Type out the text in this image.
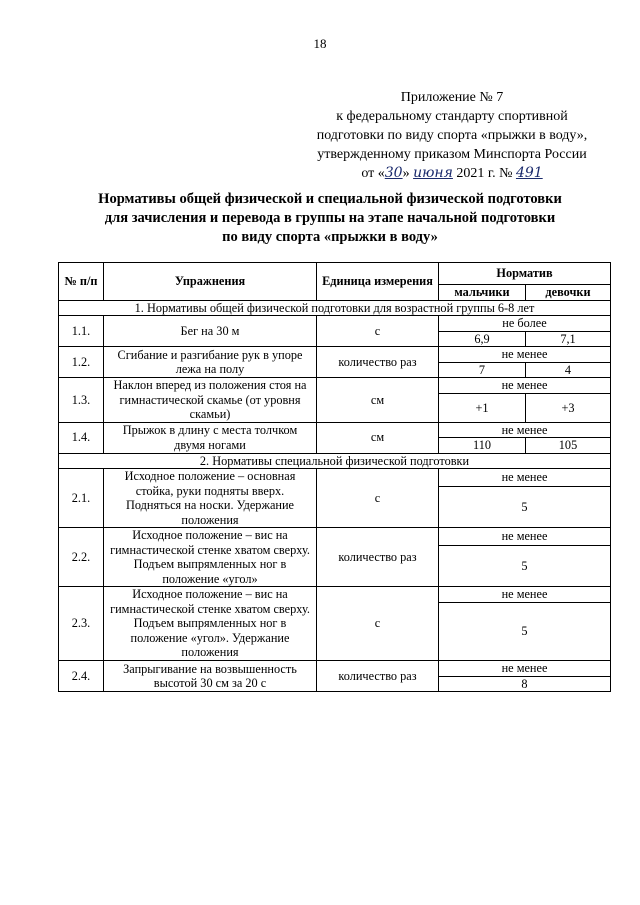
18
Приложение № 7
к федеральному стандарту спортивной
подготовки по виду спорта «прыжки в воду»,
утвержденному приказом Минспорта России
от «30» июня 2021 г. № 491
Нормативы общей физической и специальной физической подготовки
для зачисления и перевода в группы на этапе начальной подготовки
по виду спорта «прыжки в воду»
№ п/п	Упражнения	Единица измерения	Норматив	
			мальчики	девочки
1. Нормативы общей физической подготовки для возрастной группы 6-8 лет				
1.1.	Бег на 30 м	с	не более	
			6,9	7,1
1.2.	Сгибание и разгибание рук в упоре лежа на полу	количество раз	не менее	
			7	4
1.3.	Наклон вперед из положения стоя на гимнастической скамье (от уровня скамьи)	см	не менее	
			+1	+3
1.4.	Прыжок в длину с места толчком двумя ногами	см	не менее	
			110	105
2. Нормативы специальной физической подготовки				
2.1.	Исходное положение – основная стойка, руки подняты вверх. Подняться на носки. Удержание положения	с	не менее	
			5	
2.2.	Исходное положение – вис на гимнастической стенке хватом сверху. Подъем выпрямленных ног в положение «угол»	количество раз	не менее	
			5	
2.3.	Исходное положение – вис на гимнастической стенке хватом сверху. Подъем выпрямленных ног в положение «угол». Удержание положения	с	не менее	
			5	
2.4.	Запрыгивание на возвышенность высотой 30 см за 20 с	количество раз	не менее	
			8	
